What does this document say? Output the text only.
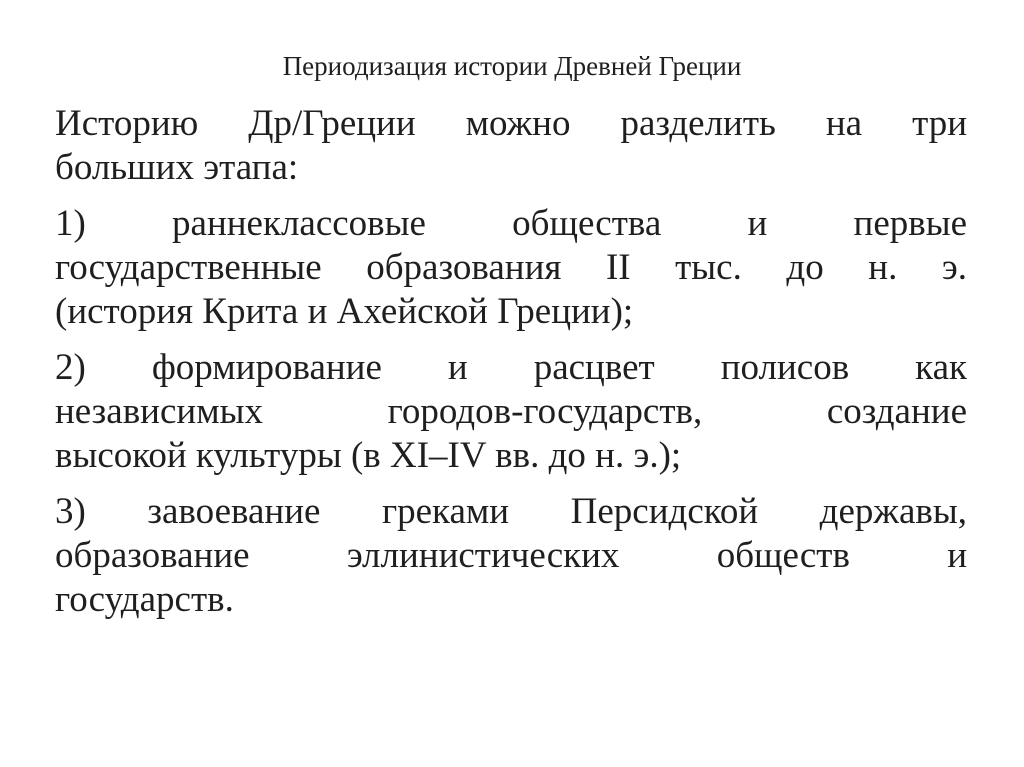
Периодизация истории Древней Греции

Историю Др/Греции можно разделить на три
больших этапа:

1) раннеклассовые общества и первые
государственные образования II тыс. до н. э.
(история Крита и Ахейской Греции);

2) формирование и расцвет полисов как
независимых городов-государств, создание
высокой культуры (в XI–IV вв. до н. э.);

3) завоевание греками Персидской державы,
образование эллинистических обществ и
государств.
